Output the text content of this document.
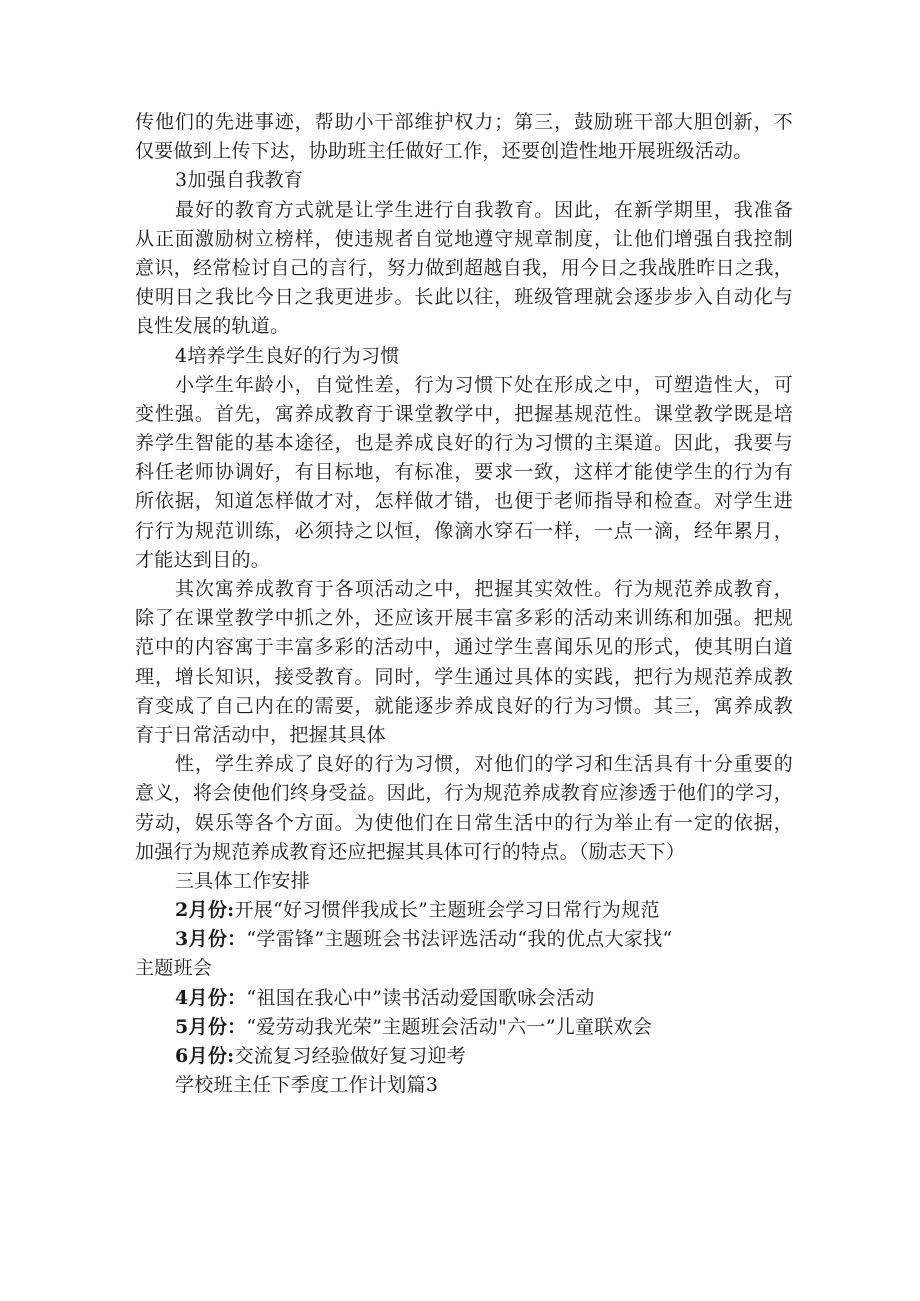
传他们的先进事迹，帮助小干部维护权力；第三，鼓励班干部大胆创新，不
仅要做到上传下达，协助班主任做好工作，还要创造性地开展班级活动。
3加强自我教育
最好的教育方式就是让学生进行自我教育。因此，在新学期里，我准备
从正面激励树立榜样，使违规者自觉地遵守规章制度，让他们增强自我控制
意识，经常检讨自己的言行，努力做到超越自我，用今日之我战胜昨日之我，
使明日之我比今日之我更进步。长此以往，班级管理就会逐步步入自动化与
良性发展的轨道。
4培养学生良好的行为习惯
小学生年龄小，自觉性差，行为习惯下处在形成之中，可塑造性大，可
变性强。首先，寓养成教育于课堂教学中，把握基规范性。课堂教学既是培
养学生智能的基本途径，也是养成良好的行为习惯的主渠道。因此，我要与
科任老师协调好，有目标地，有标准，要求一致，这样才能使学生的行为有
所依据，知道怎样做才对，怎样做才错，也便于老师指导和检查。对学生进
行行为规范训练，必须持之以恒，像滴水穿石一样，一点一滴，经年累月，
才能达到目的。
其次寓养成教育于各项活动之中，把握其实效性。行为规范养成教育，
除了在课堂教学中抓之外，还应该开展丰富多彩的活动来训练和加强。把规
范中的内容寓于丰富多彩的活动中，通过学生喜闻乐见的形式，使其明白道
理，增长知识，接受教育。同时，学生通过具体的实践，把行为规范养成教
育变成了自己内在的需要，就能逐步养成良好的行为习惯。其三，寓养成教
育于日常活动中，把握其具体
性，学生养成了良好的行为习惯，对他们的学习和生活具有十分重要的
意义，将会使他们终身受益。因此，行为规范养成教育应渗透于他们的学习，
劳动，娱乐等各个方面。为使他们在日常生活中的行为举止有一定的依据，
加强行为规范养成教育还应把握其具体可行的特点。（励志天下）
三具体工作安排
2月份:开展“好习惯伴我成长”主题班会学习日常行为规范
3月份：“学雷锋”主题班会书法评选活动“我的优点大家找“
主题班会
4月份：“祖国在我心中”读书活动爱国歌咏会活动
5月份：“爱劳动我光荣”主题班会活动"六一”儿童联欢会
6月份:交流复习经验做好复习迎考
学校班主任下季度工作计划篇3
